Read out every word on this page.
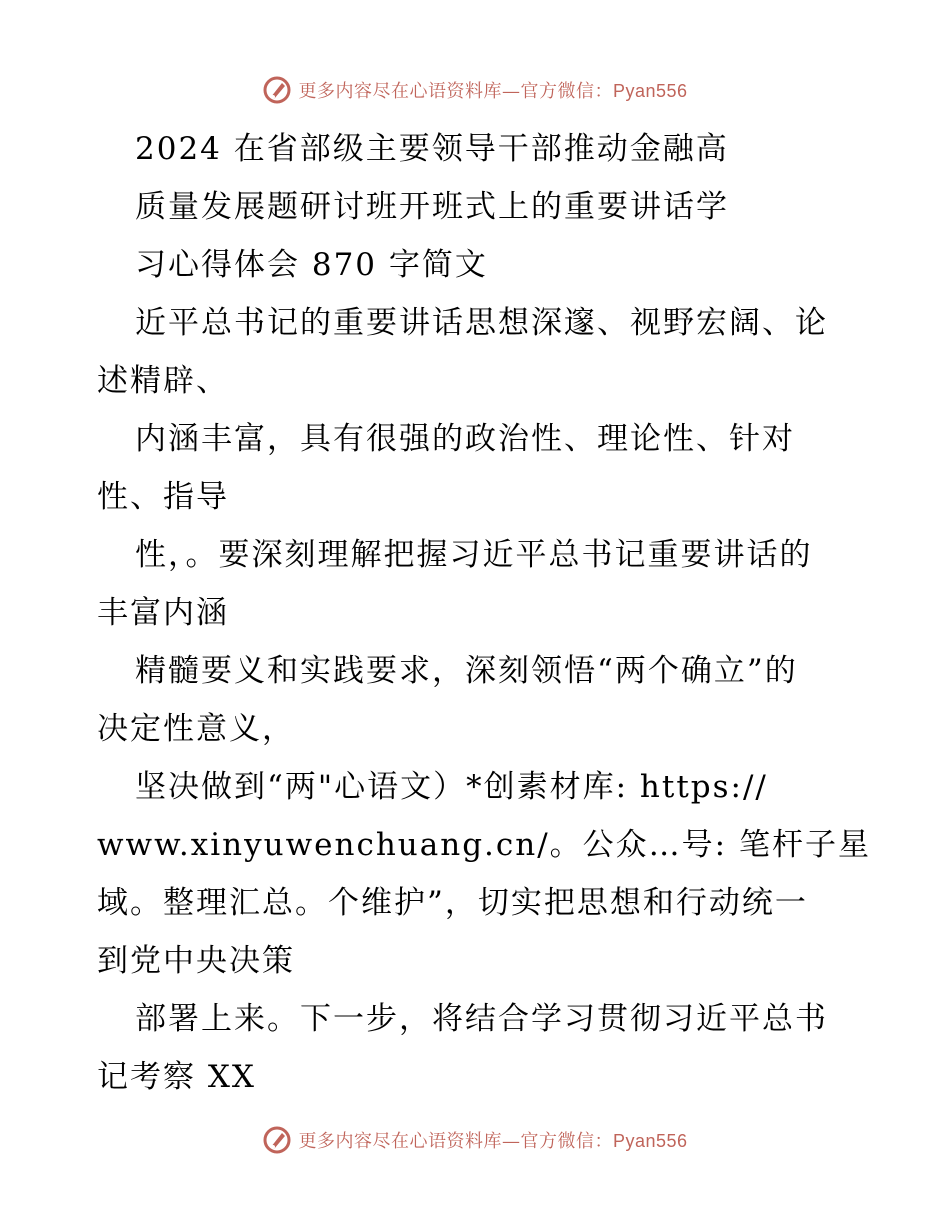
更多内容尽在心语资料库—官方微信：Pyan556
2024 在省部级主要领导干部推动金融高
质量发展题研讨班开班式上的重要讲话学
习心得体会 870 字简文
近平总书记的重要讲话思想深邃、视野宏阔、论
述精辟、
内涵丰富，具有很强的政治性、理论性、针对
性、指导
性，。要深刻理解把握习近平总书记重要讲话的
丰富内涵
精髓要义和实践要求，深刻领悟“两个确立”的
决定性意义，
坚决做到“两"心语文）*创素材库: https://
www.xinyuwenchuang.cn/。公众…号: 笔杆子星
域。整理汇总。个维护”，切实把思想和行动统一
到党中央决策
部署上来。下一步，将结合学习贯彻习近平总书
记考察 XX
更多内容尽在心语资料库—官方微信：Pyan556
